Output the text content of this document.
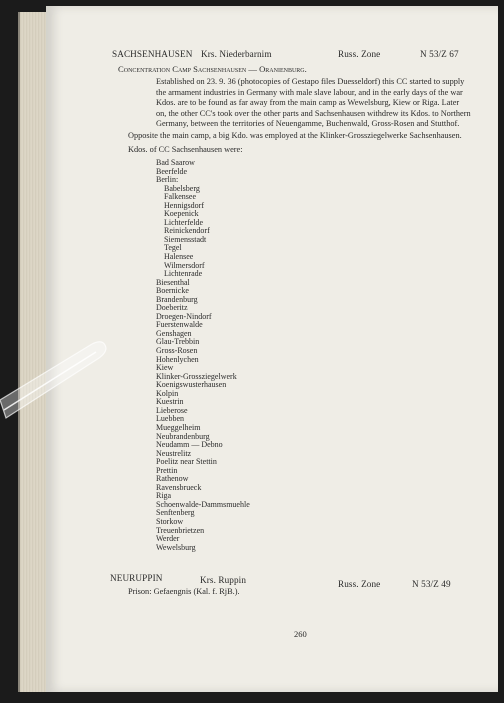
SACHSENHAUSEN Krs. Niederbarnim	Russ. Zone	N 53/Z 67
Concentration Camp Sachsenhausen — Oranienburg.
Established on 23. 9. 36 (photocopies of Gestapo files Duesseldorf) this CC started to supply
the armament industries in Germany with male slave labour, and in the early days of the war
Kdos. are to be found as far away from the main camp as Wewelsburg, Kiew or Riga. Later
on, the other CC's took over the other parts and Sachsenhausen withdrew its Kdos. to Northern
Germany, between the territories of Neuengamme, Buchenwald, Gross-Rosen and Stutthof.
Opposite the main camp, a big Kdo. was employed at the Klinker-Grossziegelwerke Sachsenhausen.
Kdos. of CC Sachsenhausen were:
Bad Saarow
Beerfelde
Berlin:
Babelsberg
Falkensee
Hennigsdorf
Koepenick
Lichterfelde
Reinickendorf
Siemensstadt
Tegel
Halensee
Wilmersdorf
Lichtenrade
Biesenthal
Boernicke
Brandenburg
Doeberitz
Droegen-Nindorf
Fuerstenwalde
Genshagen
Glau-Trebbin
Gross-Rosen
Hohenlychen
Kiew
Klinker-Grossziegelwerk
Koenigswusterhausen
Kolpin
Kuestrin
Lieberose
Luebben
Mueggelheim
Neubrandenburg
Neudamm — Debno
Neustrelitz
Poelitz near Stettin
Prettin
Rathenow
Ravensbrueck
Riga
Schoenwalde-Dammsmuehle
Senftenberg
Storkow
Treuenbrietzen
Werder
Wewelsburg
NEURUPPIN	Krs. Ruppin	Russ. Zone	N 53/Z 49
Prison: Gefaengnis (Kal. f. RjB.).
260
